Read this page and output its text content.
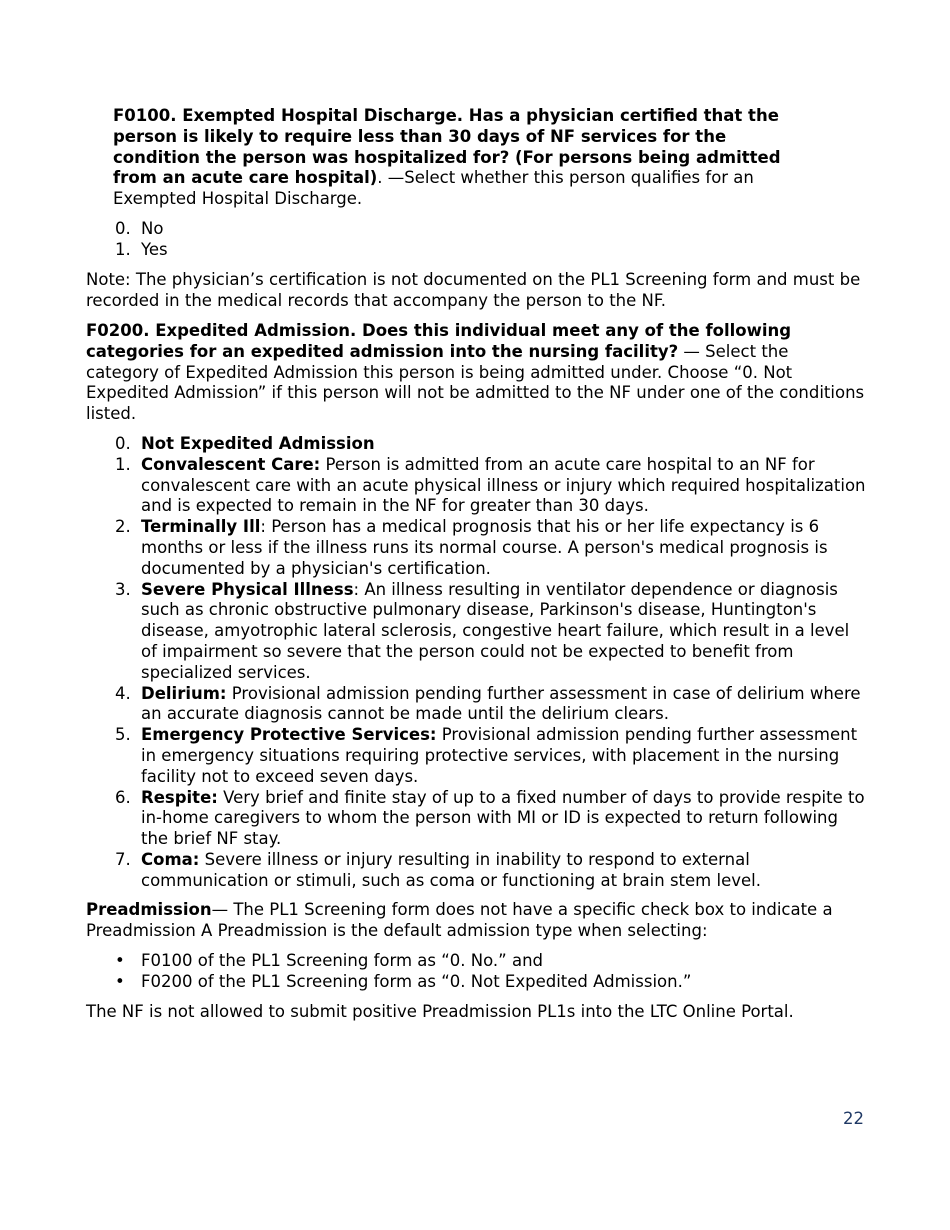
F0100. Exempted Hospital Discharge. Has a physician certified that the person is likely to require less than 30 days of NF services for the condition the person was hospitalized for? (For persons being admitted from an acute care hospital). —Select whether this person qualifies for an Exempted Hospital Discharge.

0. No
1. Yes

Note: The physician’s certification is not documented on the PL1 Screening form and must be recorded in the medical records that accompany the person to the NF.

F0200. Expedited Admission. Does this individual meet any of the following categories for an expedited admission into the nursing facility? — Select the category of Expedited Admission this person is being admitted under. Choose “0. Not Expedited Admission” if this person will not be admitted to the NF under one of the conditions listed.

0. Not Expedited Admission
1. Convalescent Care: Person is admitted from an acute care hospital to an NF for convalescent care with an acute physical illness or injury which required hospitalization and is expected to remain in the NF for greater than 30 days.
2. Terminally Ill: Person has a medical prognosis that his or her life expectancy is 6 months or less if the illness runs its normal course. A person's medical prognosis is documented by a physician's certification.
3. Severe Physical Illness: An illness resulting in ventilator dependence or diagnosis such as chronic obstructive pulmonary disease, Parkinson's disease, Huntington's disease, amyotrophic lateral sclerosis, congestive heart failure, which result in a level of impairment so severe that the person could not be expected to benefit from specialized services.
4. Delirium: Provisional admission pending further assessment in case of delirium where an accurate diagnosis cannot be made until the delirium clears.
5. Emergency Protective Services: Provisional admission pending further assessment in emergency situations requiring protective services, with placement in the nursing facility not to exceed seven days.
6. Respite: Very brief and finite stay of up to a fixed number of days to provide respite to in-home caregivers to whom the person with MI or ID is expected to return following the brief NF stay.
7. Coma: Severe illness or injury resulting in inability to respond to external communication or stimuli, such as coma or functioning at brain stem level.

Preadmission— The PL1 Screening form does not have a specific check box to indicate a Preadmission A Preadmission is the default admission type when selecting:

• F0100 of the PL1 Screening form as “0. No.” and
• F0200 of the PL1 Screening form as “0. Not Expedited Admission.”

The NF is not allowed to submit positive Preadmission PL1s into the LTC Online Portal.

22
